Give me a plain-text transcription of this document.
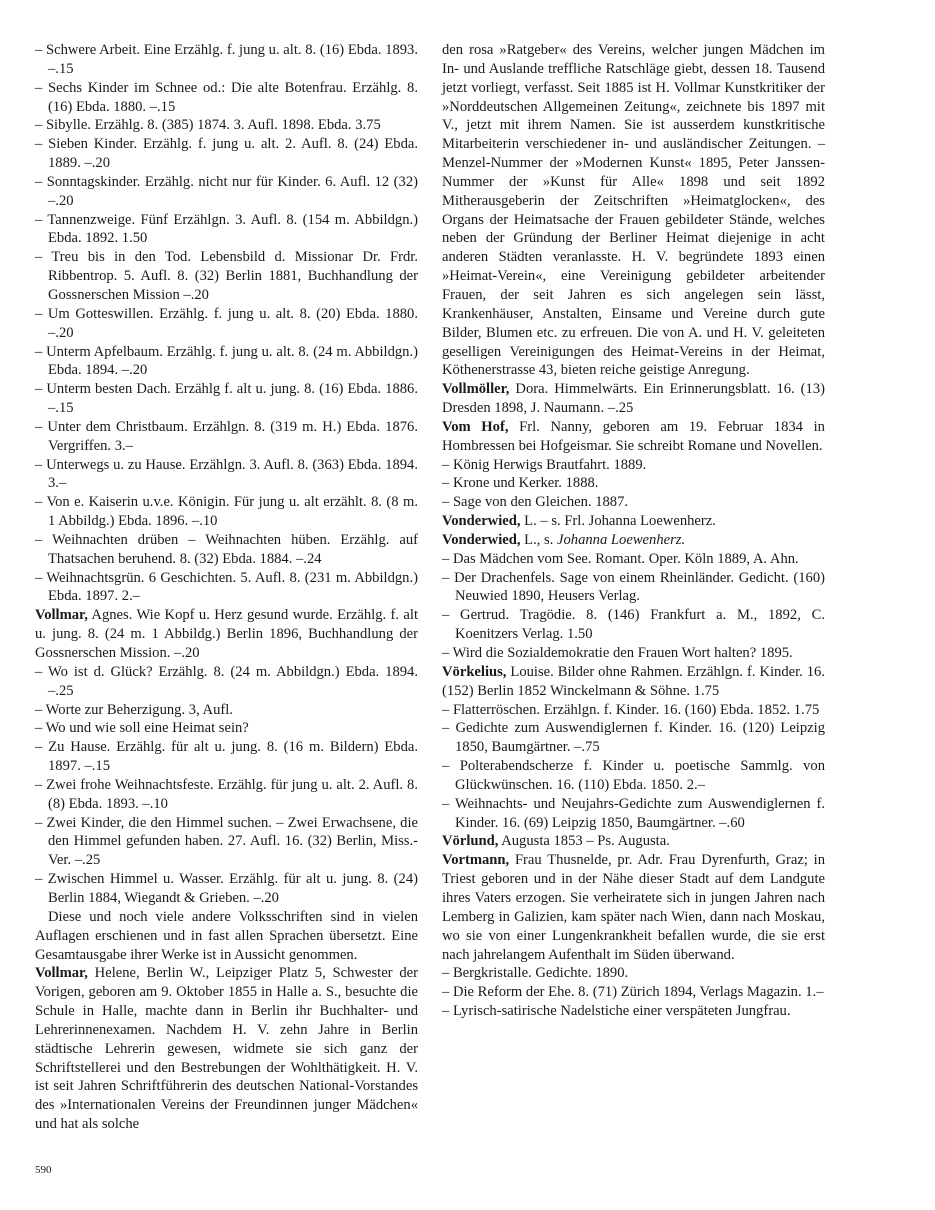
– Schwere Arbeit. Eine Erzählg. f. jung u. alt. 8. (16) Ebda. 1893. –.15

– Sechs Kinder im Schnee od.: Die alte Botenfrau. Erzählg. 8. (16) Ebda. 1880. –.15

– Sibylle. Erzählg. 8. (385) 1874. 3. Aufl. 1898. Ebda. 3.75

– Sieben Kinder. Erzählg. f. jung u. alt. 2. Aufl. 8. (24) Ebda. 1889. –.20

– Sonntagskinder. Erzählg. nicht nur für Kinder. 6. Aufl. 12 (32) –.20

– Tannenzweige. Fünf Erzählgn. 3. Aufl. 8. (154 m. Abbildgn.) Ebda. 1892. 1.50

– Treu bis in den Tod. Lebensbild d. Missionar Dr. Frdr. Ribbentrop. 5. Aufl. 8. (32) Berlin 1881, Buchhandlung der Gossnerschen Mission –.20

– Um Gotteswillen. Erzählg. f. jung u. alt. 8. (20) Ebda. 1880. –.20

– Unterm Apfelbaum. Erzählg. f. jung u. alt. 8. (24 m. Abbildgn.) Ebda. 1894. –.20

– Unterm besten Dach. Erzählg f. alt u. jung. 8. (16) Ebda. 1886. –.15

– Unter dem Christbaum. Erzählgn. 8. (319 m. H.) Ebda. 1876. Vergriffen. 3.–

– Unterwegs u. zu Hause. Erzählgn. 3. Aufl. 8. (363) Ebda. 1894. 3.–

– Von e. Kaiserin u.v.e. Königin. Für jung u. alt erzählt. 8. (8 m. 1 Abbildg.) Ebda. 1896. –.10

– Weihnachten drüben – Weihnachten hüben. Erzählg. auf Thatsachen beruhend. 8. (32) Ebda. 1884. –.24

– Weihnachtsgrün. 6 Geschichten. 5. Aufl. 8. (231 m. Abbildgn.) Ebda. 1897. 2.–

Vollmar, Agnes. Wie Kopf u. Herz gesund wurde. Erzählg. f. alt u. jung. 8. (24 m. 1 Abbildg.) Berlin 1896, Buchhandlung der Gossnerschen Mission. –.20

– Wo ist d. Glück? Erzählg. 8. (24 m. Abbildgn.) Ebda. 1894. –.25

– Worte zur Beherzigung. 3, Aufl.

– Wo und wie soll eine Heimat sein?

– Zu Hause. Erzählg. für alt u. jung. 8. (16 m. Bildern) Ebda. 1897. –.15

– Zwei frohe Weihnachtsfeste. Erzählg. für jung u. alt. 2. Aufl. 8. (8) Ebda. 1893. –.10

– Zwei Kinder, die den Himmel suchen. – Zwei Erwachsene, die den Himmel gefunden haben. 27. Aufl. 16. (32) Berlin, Miss.-Ver. –.25

– Zwischen Himmel u. Wasser. Erzählg. für alt u. jung. 8. (24) Berlin 1884, Wiegandt & Grieben. –.20

Diese und noch viele andere Volksschriften sind in vielen Auflagen erschienen und in fast allen Sprachen übersetzt. Eine Gesamtausgabe ihrer Werke ist in Aussicht genommen.

Vollmar, Helene, Berlin W., Leipziger Platz 5, Schwester der Vorigen, geboren am 9. Oktober 1855 in Halle a. S., besuchte die Schule in Halle, machte dann in Berlin ihr Buchhalter- und Lehrerinnenexamen. Nachdem H. V. zehn Jahre in Berlin städtische Lehrerin gewesen, widmete sie sich ganz der Schriftstellerei und den Bestrebungen der Wohlthätigkeit. H. V. ist seit Jahren Schriftführerin des deutschen National-Vorstandes des »Internationalen Vereins der Freundinnen junger Mädchen« und hat als solche

den rosa »Ratgeber« des Vereins, welcher jungen Mädchen im In- und Auslande treffliche Ratschläge giebt, dessen 18. Tausend jetzt vorliegt, verfasst. Seit 1885 ist H. Vollmar Kunstkritiker der »Norddeutschen Allgemeinen Zeitung«, zeichnete bis 1897 mit V., jetzt mit ihrem Namen. Sie ist ausserdem kunstkritische Mitarbeiterin verschiedener in- und ausländischer Zeitungen. – Menzel-Nummer der »Modernen Kunst« 1895, Peter Janssen-Nummer der »Kunst für Alle« 1898 und seit 1892 Mitherausgeberin der Zeitschriften »Heimatglocken«, des Organs der Heimatsache der Frauen gebildeter Stände, welches neben der Gründung der Berliner Heimat diejenige in acht anderen Städten veranlasste. H. V. begründete 1893 einen »Heimat-Verein«, eine Vereinigung gebildeter arbeitender Frauen, der seit Jahren es sich angelegen sein lässt, Krankenhäuser, Anstalten, Einsame und Vereine durch gute Bilder, Blumen etc. zu erfreuen. Die von A. und H. V. geleiteten geselligen Vereinigungen des Heimat-Vereins in der Heimat, Köthenerstrasse 43, bieten reiche geistige Anregung.

Vollmöller, Dora. Himmelwärts. Ein Erinnerungsblatt. 16. (13) Dresden 1898, J. Naumann. –.25

Vom Hof, Frl. Nanny, geboren am 19. Februar 1834 in Hombressen bei Hofgeismar. Sie schreibt Romane und Novellen.

– König Herwigs Brautfahrt. 1889.

– Krone und Kerker. 1888.

– Sage von den Gleichen. 1887.

Vonderwied, L. – s. Frl. Johanna Loewenherz.

Vonderwied, L., s. Johanna Loewenherz.

– Das Mädchen vom See. Romant. Oper. Köln 1889, A. Ahn.

– Der Drachenfels. Sage von einem Rheinländer. Gedicht. (160) Neuwied 1890, Heusers Verlag.

– Gertrud. Tragödie. 8. (146) Frankfurt a. M., 1892, C. Koenitzers Verlag. 1.50

– Wird die Sozialdemokratie den Frauen Wort halten? 1895.

Vörkelius, Louise. Bilder ohne Rahmen. Erzählgn. f. Kinder. 16. (152) Berlin 1852 Winckelmann & Söhne. 1.75

– Flatterröschen. Erzählgn. f. Kinder. 16. (160) Ebda. 1852. 1.75

– Gedichte zum Auswendiglernen f. Kinder. 16. (120) Leipzig 1850, Baumgärtner. –.75

– Polterabendscherze f. Kinder u. poetische Sammlg. von Glückwünschen. 16. (110) Ebda. 1850. 2.–

– Weihnachts- und Neujahrs-Gedichte zum Auswendiglernen f. Kinder. 16. (69) Leipzig 1850, Baumgärtner. –.60

Vörlund, Augusta 1853 – Ps. Augusta.

Vortmann, Frau Thusnelde, pr. Adr. Frau Dyrenfurth, Graz; in Triest geboren und in der Nähe dieser Stadt auf dem Landgute ihres Vaters erzogen. Sie verheiratete sich in jungen Jahren nach Lemberg in Galizien, kam später nach Wien, dann nach Moskau, wo sie von einer Lungenkrankheit befallen wurde, die sie erst nach jahrelangem Aufenthalt im Süden überwand.

– Bergkristalle. Gedichte. 1890.

– Die Reform der Ehe. 8. (71) Zürich 1894, Verlags Magazin. 1.–

– Lyrisch-satirische Nadelstiche einer verspäteten Jungfrau.

590
